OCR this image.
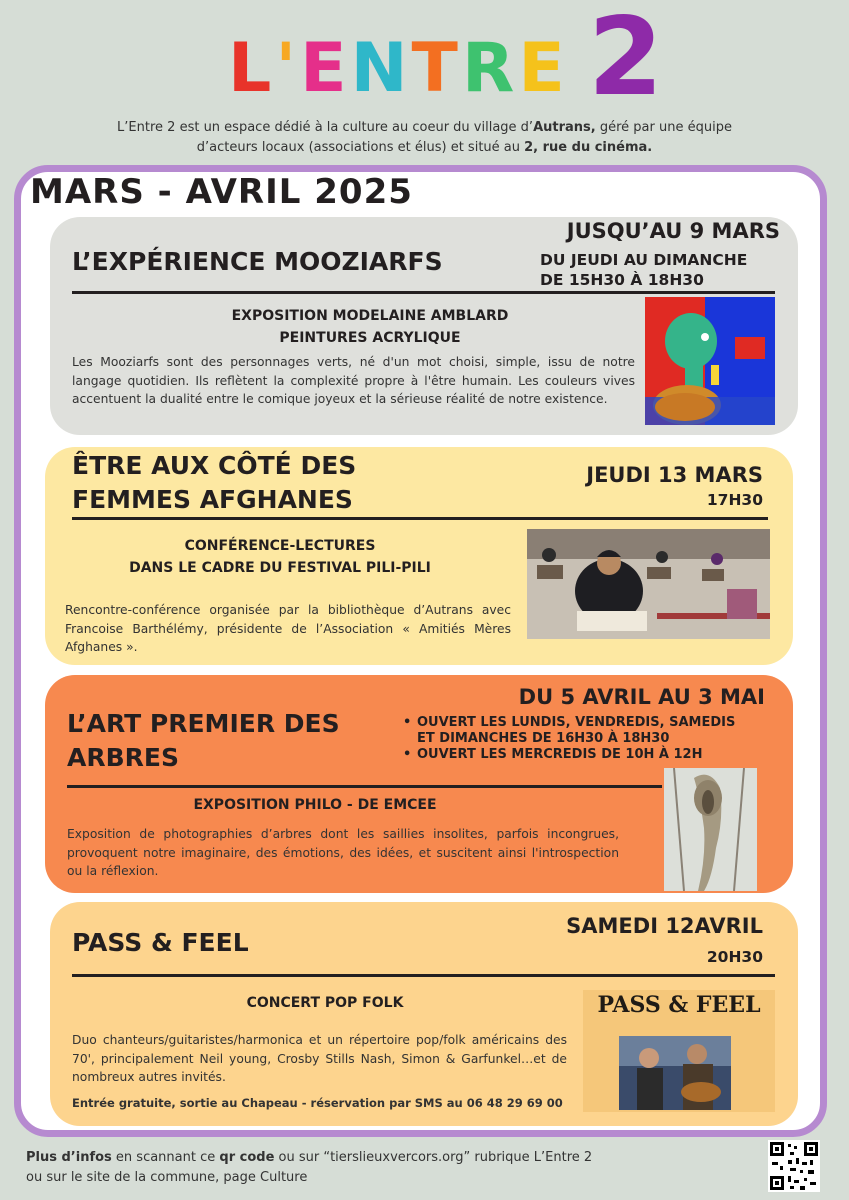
L'ENTRE 2
L’Entre 2 est un espace dédié à la culture au coeur du village d’Autrans, géré par une équipe
d’acteurs locaux (associations et élus) et situé au 2, rue du cinéma.
MARS - AVRIL 2025
L’EXPÉRIENCE MOOZIARFS
JUSQU’AU 9 MARS
DU JEUDI AU DIMANCHE
DE 15H30 À 18H30
EXPOSITION MODELAINE AMBLARD
PEINTURES ACRYLIQUE
Les Mooziarfs sont des personnages verts, né d'un mot choisi, simple, issu de notre langage quotidien. Ils reflètent la complexité propre à l'être humain. Les couleurs vives accentuent la dualité entre le comique joyeux et la sérieuse réalité de notre existence.
ÊTRE AUX CÔTÉ DES
FEMMES AFGHANES
JEUDI 13 MARS
17H30
CONFÉRENCE-LECTURES
DANS LE CADRE DU FESTIVAL PILI-PILI
Rencontre-conférence organisée par la bibliothèque d’Autrans avec Francoise Barthélémy, présidente de l’Association « Amitiés Mères Afghanes ».
L’ART PREMIER DES
ARBRES
DU 5 AVRIL AU 3 MAI
• OUVERT LES LUNDIS, VENDREDIS, SAMEDIS
ET DIMANCHES DE 16H30 À 18H30
• OUVERT LES MERCREDIS DE 10H À 12H
EXPOSITION PHILO - DE EMCEE
Exposition de photographies d’arbres dont les saillies insolites, parfois incongrues, provoquent notre imaginaire, des émotions, des idées, et suscitent ainsi l'introspection ou la réflexion.
PASS & FEEL
SAMEDI 12AVRIL
20H30
CONCERT POP FOLK
Duo chanteurs/guitaristes/harmonica et un répertoire pop/folk américains des 70', principalement Neil young, Crosby Stills Nash, Simon & Garfunkel…et de nombreux autres invités.
Entrée gratuite, sortie au Chapeau - réservation par SMS au 06 48 29 69 00
PASS & FEEL
Plus d’infos en scannant ce qr code ou sur “tierslieuxvercors.org” rubrique L’Entre 2
ou sur le site de la commune, page Culture
